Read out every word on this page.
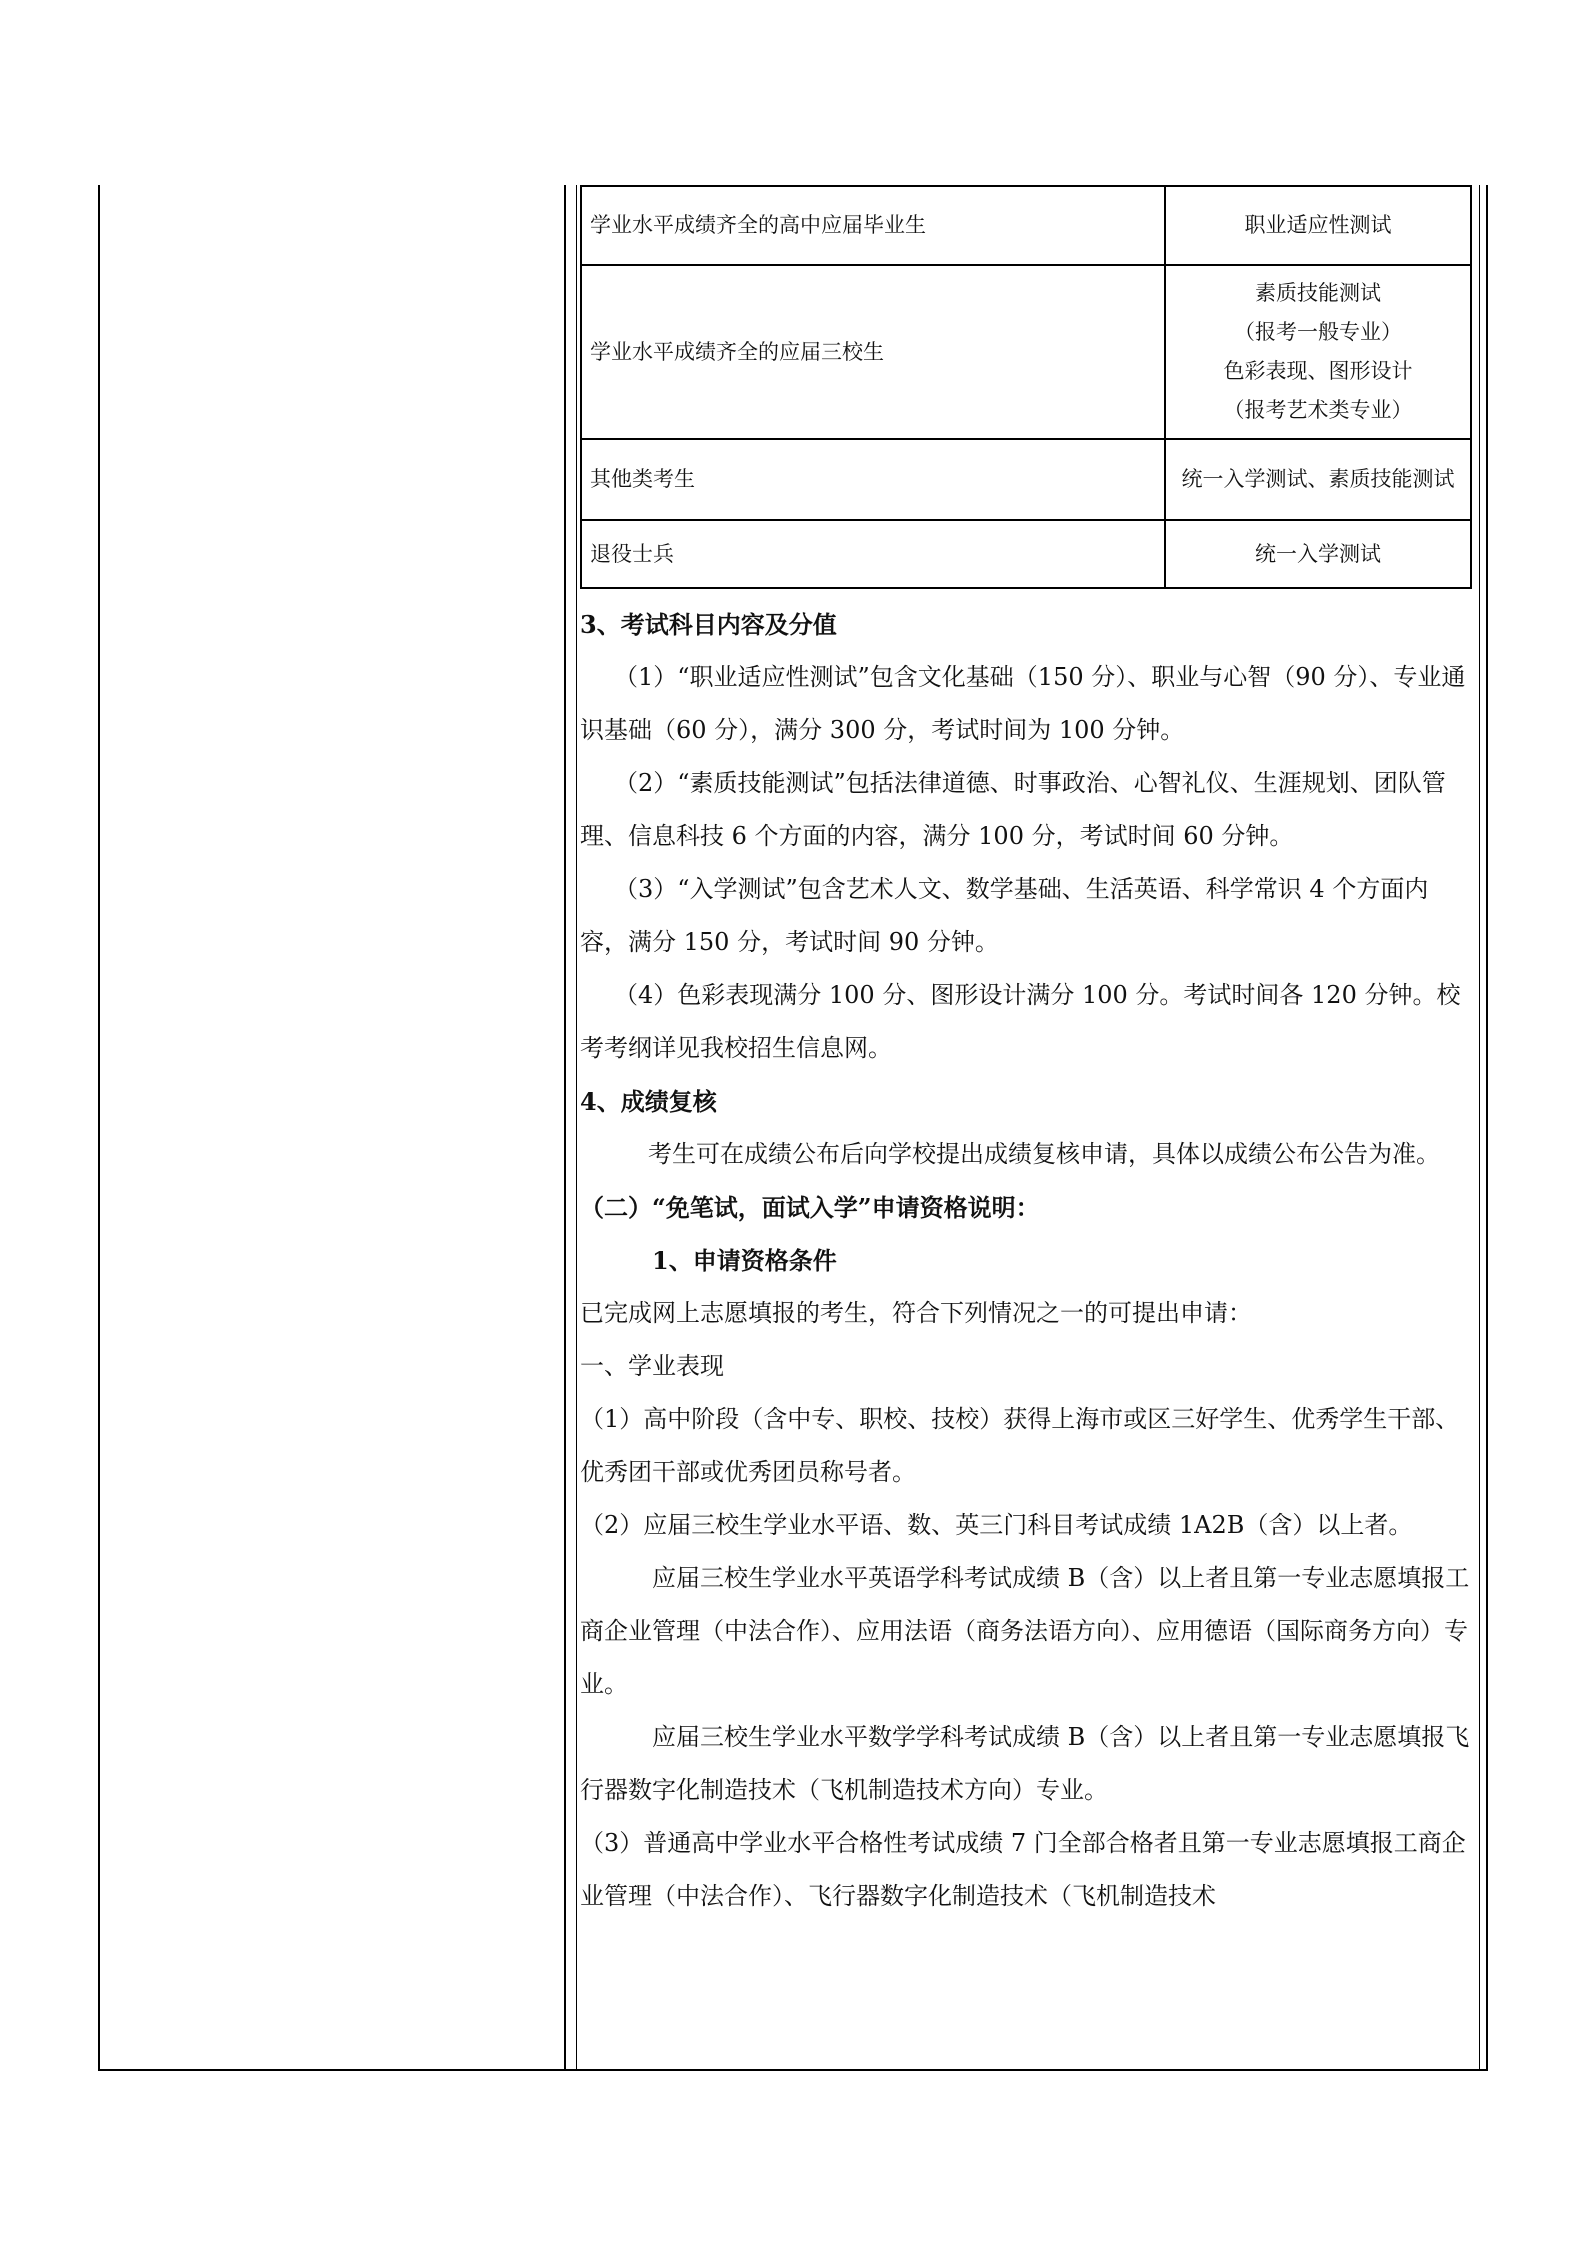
学业水平成绩齐全的高中应届毕业生	职业适应性测试

学业水平成绩齐全的应届三校生	素质技能测试
（报考一般专业）
色彩表现、图形设计
（报考艺术类专业）

其他类考生	统一入学测试、素质技能测试

退役士兵	统一入学测试

3、考试科目内容及分值

（1）“职业适应性测试”包含文化基础（150 分）、职业与心智（90 分）、专业通识基础（60 分），满分 300 分，考试时间为 100 分钟。

（2）“素质技能测试”包括法律道德、时事政治、心智礼仪、生涯规划、团队管理、信息科技 6 个方面的内容，满分 100 分，考试时间 60 分钟。

（3）“入学测试”包含艺术人文、数学基础、生活英语、科学常识 4 个方面内容，满分 150 分，考试时间 90 分钟。

（4）色彩表现满分 100 分、图形设计满分 100 分。考试时间各 120 分钟。校考考纲详见我校招生信息网。

4、成绩复核

考生可在成绩公布后向学校提出成绩复核申请，具体以成绩公布公告为准。

（二）“免笔试，面试入学”申请资格说明：

1、申请资格条件

已完成网上志愿填报的考生，符合下列情况之一的可提出申请：

一、学业表现

（1）高中阶段（含中专、职校、技校）获得上海市或区三好学生、优秀学生干部、优秀团干部或优秀团员称号者。

（2）应届三校生学业水平语、数、英三门科目考试成绩 1A2B（含）以上者。

应届三校生学业水平英语学科考试成绩 B（含）以上者且第一专业志愿填报工商企业管理（中法合作）、应用法语（商务法语方向）、应用德语（国际商务方向）专业。

应届三校生学业水平数学学科考试成绩 B（含）以上者且第一专业志愿填报飞行器数字化制造技术（飞机制造技术方向）专业。

（3）普通高中学业水平合格性考试成绩 7 门全部合格者且第一专业志愿填报工商企业管理（中法合作）、飞行器数字化制造技术（飞机制造技术
